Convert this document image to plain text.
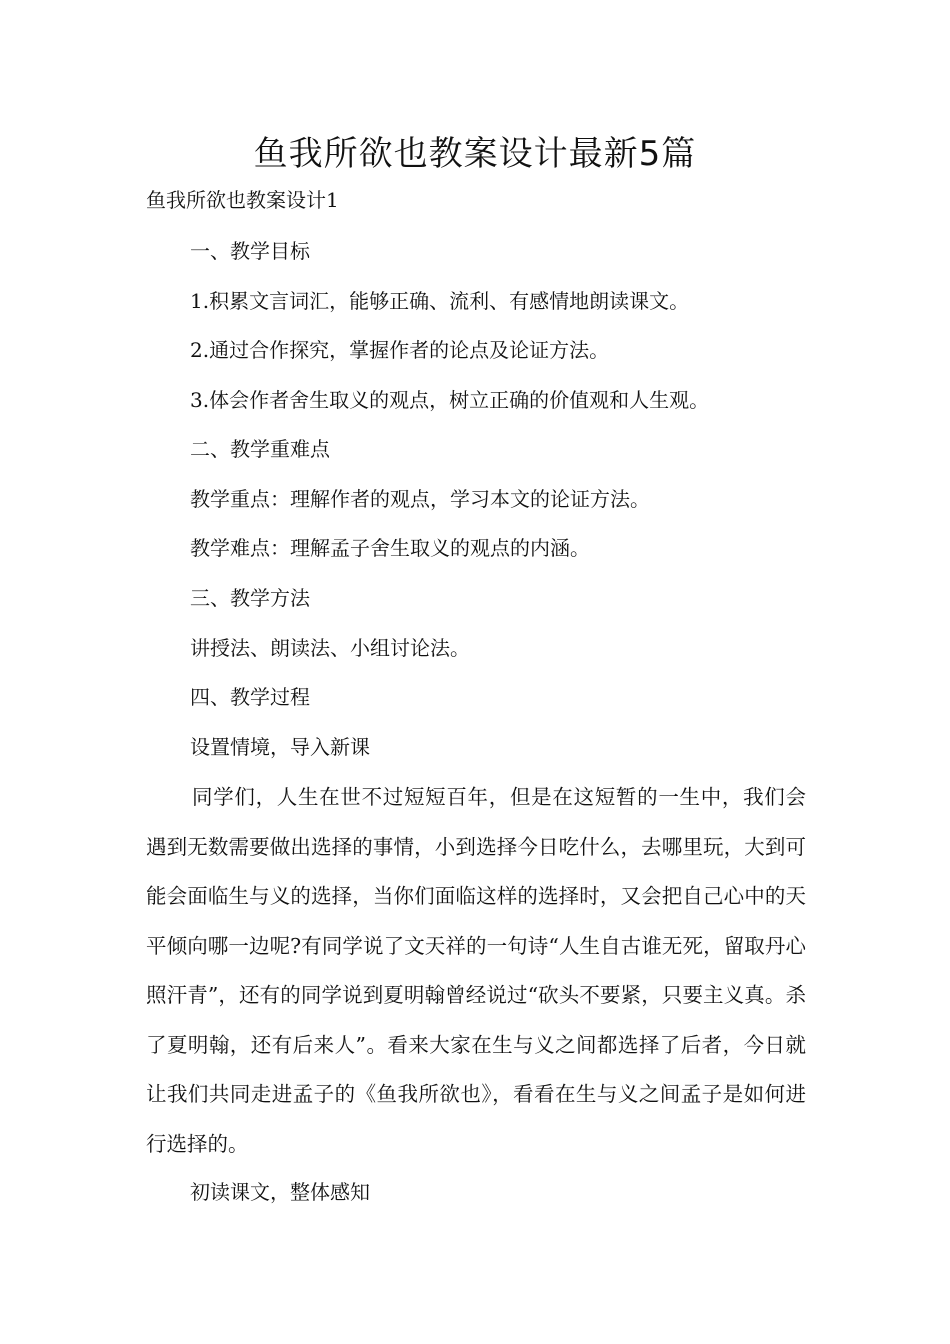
鱼我所欲也教案设计最新5篇

鱼我所欲也教案设计1

一、教学目标

1.积累文言词汇，能够正确、流利、有感情地朗读课文。

2.通过合作探究，掌握作者的论点及论证方法。

3.体会作者舍生取义的观点，树立正确的价值观和人生观。

二、教学重难点

教学重点：理解作者的观点，学习本文的论证方法。

教学难点：理解孟子舍生取义的观点的内涵。

三、教学方法

讲授法、朗读法、小组讨论法。

四、教学过程

设置情境，导入新课

同学们，人生在世不过短短百年，但是在这短暂的一生中，我们会遇到无数需要做出选择的事情，小到选择今日吃什么，去哪里玩，大到可能会面临生与义的选择，当你们面临这样的选择时，又会把自己心中的天平倾向哪一边呢?有同学说了文天祥的一句诗“人生自古谁无死，留取丹心照汗青”，还有的同学说到夏明翰曾经说过“砍头不要紧，只要主义真。杀了夏明翰，还有后来人”。看来大家在生与义之间都选择了后者，今日就让我们共同走进孟子的《鱼我所欲也》，看看在生与义之间孟子是如何进行选择的。

初读课文，整体感知
